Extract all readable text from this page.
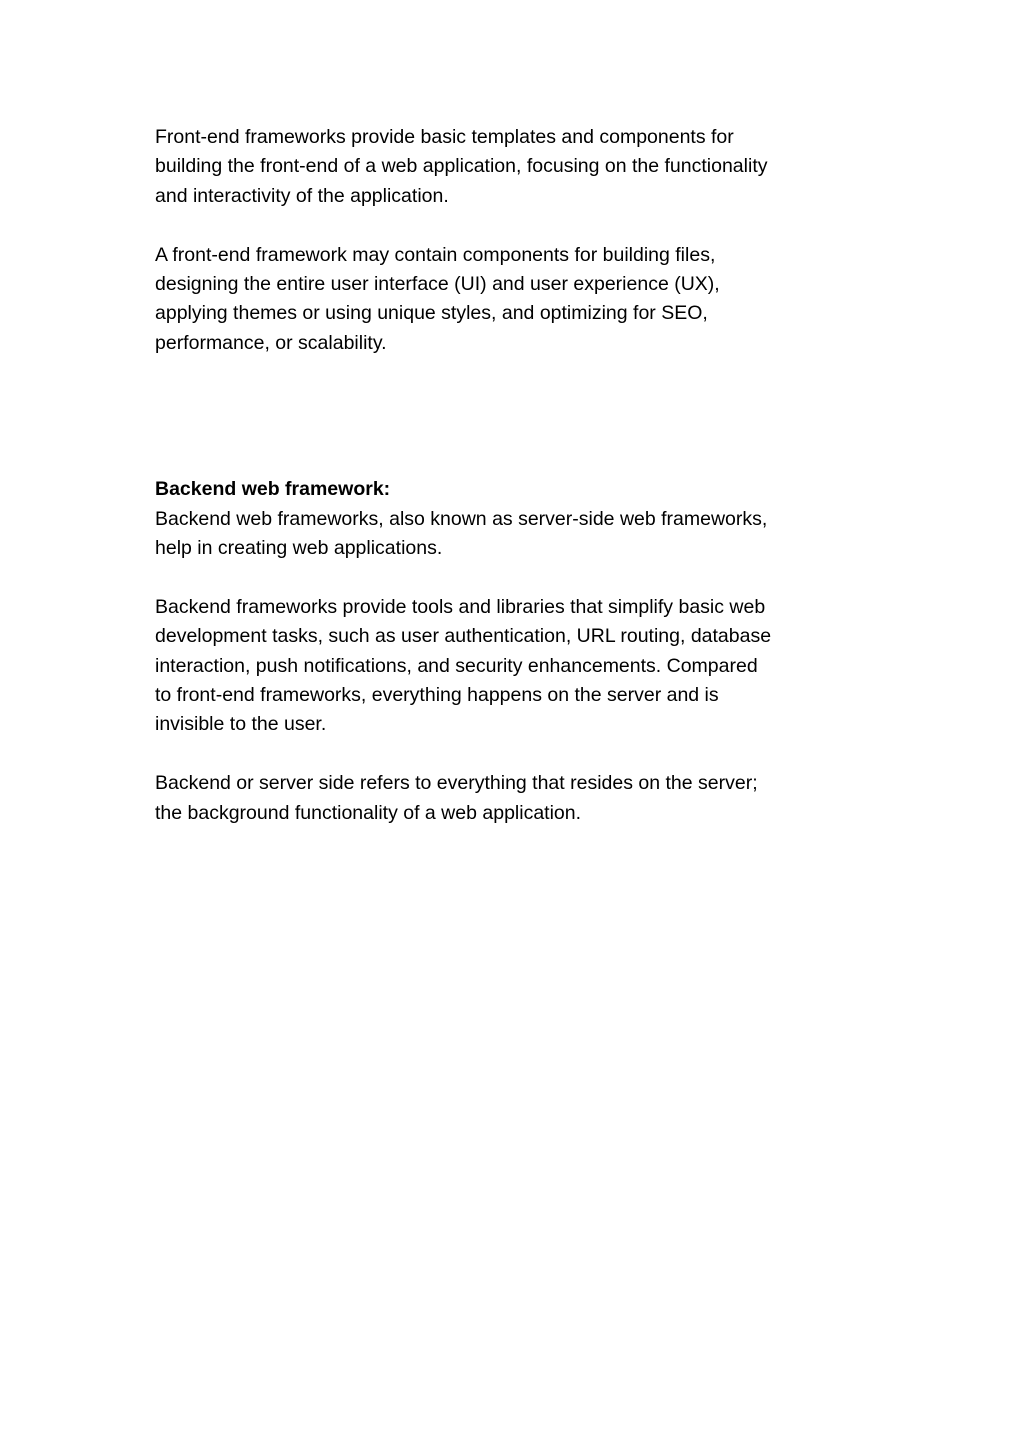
Front-end frameworks provide basic templates and components for
building the front-end of a web application, focusing on the functionality
and interactivity of the application.

A front-end framework may contain components for building files,
designing the entire user interface (UI) and user experience (UX),
applying themes or using unique styles, and optimizing for SEO,
performance, or scalability.

Backend web framework:
Backend web frameworks, also known as server-side web frameworks,
help in creating web applications.

Backend frameworks provide tools and libraries that simplify basic web
development tasks, such as user authentication, URL routing, database
interaction, push notifications, and security enhancements. Compared
to front-end frameworks, everything happens on the server and is
invisible to the user.

Backend or server side refers to everything that resides on the server;
the background functionality of a web application.
